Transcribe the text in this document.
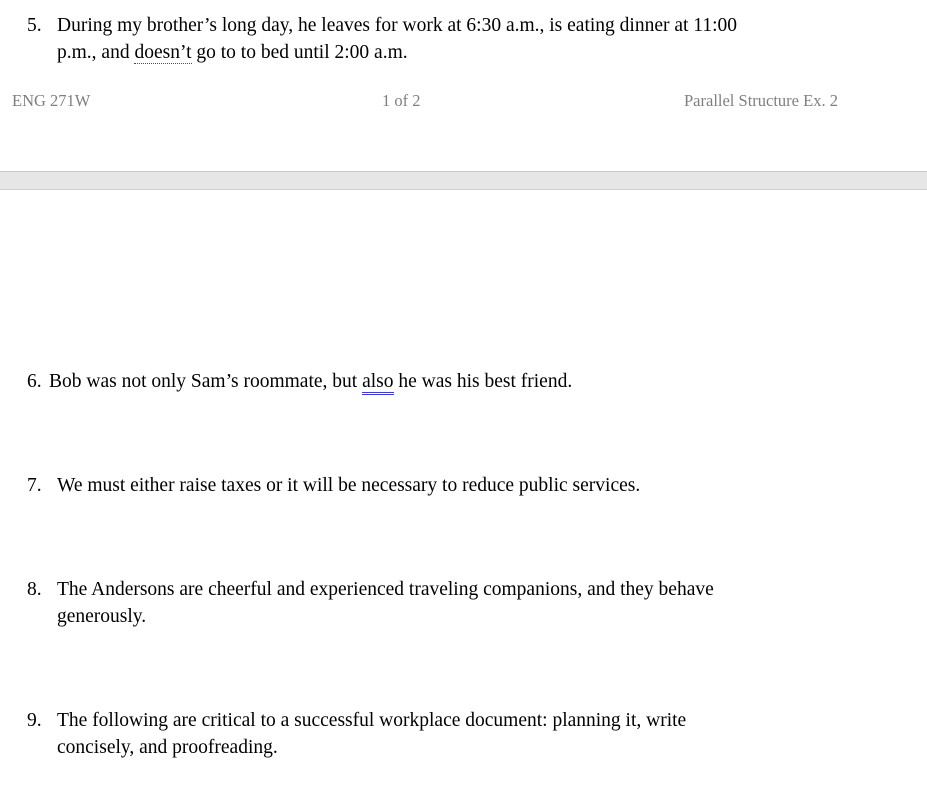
5. During my brother’s long day, he leaves for work at 6:30 a.m., is eating dinner at 11:00
p.m., and doesn’t go to to bed until 2:00 a.m.
ENG 271W	1 of 2	Parallel Structure Ex. 2
6. Bob was not only Sam’s roommate, but also he was his best friend.
7. We must either raise taxes or it will be necessary to reduce public services.
8. The Andersons are cheerful and experienced traveling companions, and they behave
generously.
9. The following are critical to a successful workplace document: planning it, write
concisely, and proofreading.
